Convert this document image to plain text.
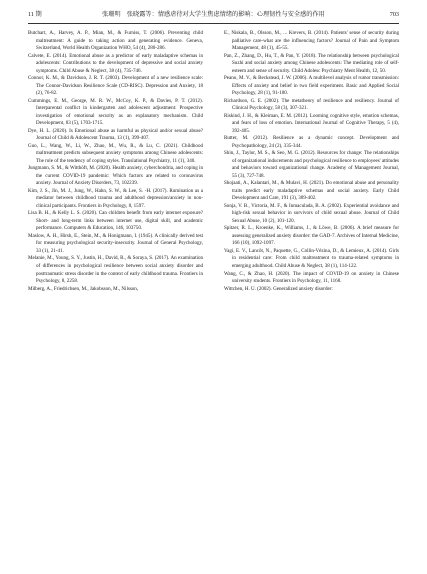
11 期	张珊明　张晓露等：情感虐待对大学生焦虑情绪的影响：心理韧性与安全感的作用	703

Butchart, A., Harvey, A. P., Mian, M., & Furniss, T. (2006). Preventing child maltreatment: A guide to taking action and generating evidence. Geneva, Switzerland, World Health Organization WHO, 54 (4), 280-286.

Calvete, E. (2014). Emotional abuse as a predictor of early maladaptive schemas in adolescents: Contributions to the development of depressive and social anxiety symptoms. Child Abuse & Neglect, 38 (4), 735-746.

Connor, K. M., & Davidson, J. R. T. (2003). Development of a new resilience scale: The Connor-Davidson Resilience Scale (CD-RISC). Depression and Anxiety, 18 (2), 76-82.

Cummings, E. M., George, M. R. W., McCoy, K. P., & Davies, P. T. (2012). Interparental conflict in kindergarten and adolescent adjustment: Prospective investigation of emotional security as an explanatory mechanism. Child Development, 83 (5), 1703-1715.

Dye, H. L. (2020). Is Emotional abuse as harmful as physical and/or sexual abuse? Journal of Child & Adolescent Trauma, 13 (1), 399-407.

Guo, L., Wang, W., Li, W., Zhao, M., Wu, R., & Lu, C. (2021). Childhood maltreatment predicts subsequent anxiety symptoms among Chinese adolescents: The role of the tendency of coping styles. Translational Psychiatry, 11 (1), 340.

Jungmann, S. M., & Witthöft, M. (2020). Health anxiety, cyberchondria, and coping in the current COVID-19 pandemic: Which factors are related to coronavirus anxiety. Journal of Anxiety Disorders, 73, 102239.

Kim, J. S., Jin, M. J., Jung, W., Hahn, S. W., & Lee, S. -H. (2017). Rumination as a mediator between childhood trauma and adulthood depression/anxiety in non-clinical participants. Frontiers in Psychology, 8, 1597.

Lisa B. H., & Kelly L. S. (2020). Can children benefit from early internet exposure? Short- and long-term links between internet use, digital skill, and academic performance. Computers & Education, 146, 103750.

Maslow, A. H., Hirsh, E., Stein, M., & Honigmann, I. (1945). A clinically derived test for measuring psychological security-insecurity. Journal of General Psychology, 33 (1), 21-41.

Melanie, M., Young, S. Y., Justin, H., David, R., & Soraya, S. (2017). An examination of differences in psychological resilience between social anxiety disorder and posttraumatic stress disorder in the context of early childhood trauma. Frontiers in Psychology, 8, 2258.

Milberg, A., Friedrichsen, M., Jakobsson, M., Nilsson,

E., Niskala, B., Olsson, M., ... Krevers, B. (2014). Patients' sense of security during palliative care-what are the influencing factors? Journal of Pain and Symptom Management, 48 (1), 45-55.

Pan, Z., Zhang, D., Hu, T., & Pan, Y. (2018). The relationship between psychological Suzhi and social anxiety among Chinese adolescents: The mediating role of self-esteem and sense of security. Child Adolesc Psychiatry Ment Health, 12, 50.

Peano, M. V., & Beckstead, J. W. (2006). A multilevel analysis of rumor transmission: Effects of anxiety and belief in two field experiment. Basic and Applied Social Psychology, 28 (1), 91-100.

Richardson, G. E. (2002). The metatheory of resilience and resiliency. Journal of Clinical Psychology, 58 (3), 307-321.

Riskind, J. H., & Kleiman, E. M. (2012). Looming cognitive style, emotion schemas, and fears of loss of emotion. International Journal of Cognitive Therapy, 5 (4), 392-405.

Rutter, M. (2012). Resilience as a dynamic concept. Development and Psychopathology, 24 (2), 335-344.

Shin, J., Taylor, M. S., & Seo, M. G. (2012). Resources for change: The relationships of organizational inducements and psychological resilience to employees' attitudes and behaviors toward organizational change. Academy of Management Journal, 55 (3), 727-748.

Shojaati, A., Kalantari, M., & Mulavi, H. (2021). Do emotional abuse and personality traits predict early maladaptive schemas and social anxiety. Early Child Development and Care, 191 (3), 389-402.

Sonja, V. B., Victoria, M. F., & Inmaculada, B. A. (2002). Experiential avoidance and high-risk sexual behavior in survivors of child sexual abuse. Journal of Child Sexual Abuse, 10 (2), 101-120.

Spitzer, R. L., Kroenke, K., Williams, J., & Löwe, B. (2006). A brief measure for assessing generalized anxiety disorder: the GAD-7. Archives of Internal Medicine, 166 (10), 1092-1097.

Vagi, E. V., Lancôt, N., Paquette, G., Collin-Vézina, D., & Lemieux, A. (2014). Girls in residential care: From child maltreatment to trauma-related symptoms in emerging adulthood. Child Abuse & Neglect, 38 (1), 114-122.

Wang, C., & Zhao, H. (2020). The impact of COVID-19 on anxiety in Chinese university students. Frontiers in Psychology, 11, 1168.

Wittchen, H. U. (2002). Generalized anxiety disorder:
